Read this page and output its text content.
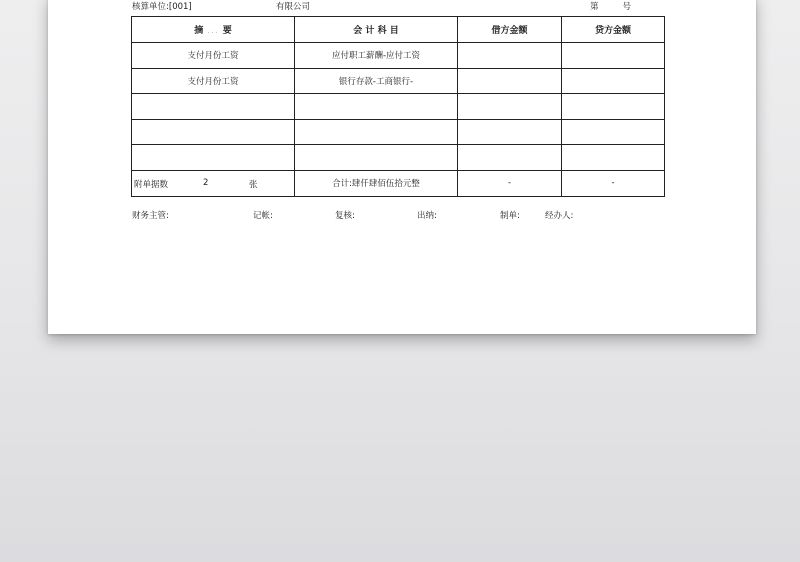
核算单位:[001]	有限公司	第	号
摘 ... 要	会 计 科 目	借方金额	贷方金额
支付月份工资	应付职工薪酬-应付工资		
支付月份工资	银行存款-工商银行-		

附单据数 2 张	合计:肆仟肆佰伍拾元整	-	-
财务主管:	记帐:	复核:	出纳:	制单:	经办人:
